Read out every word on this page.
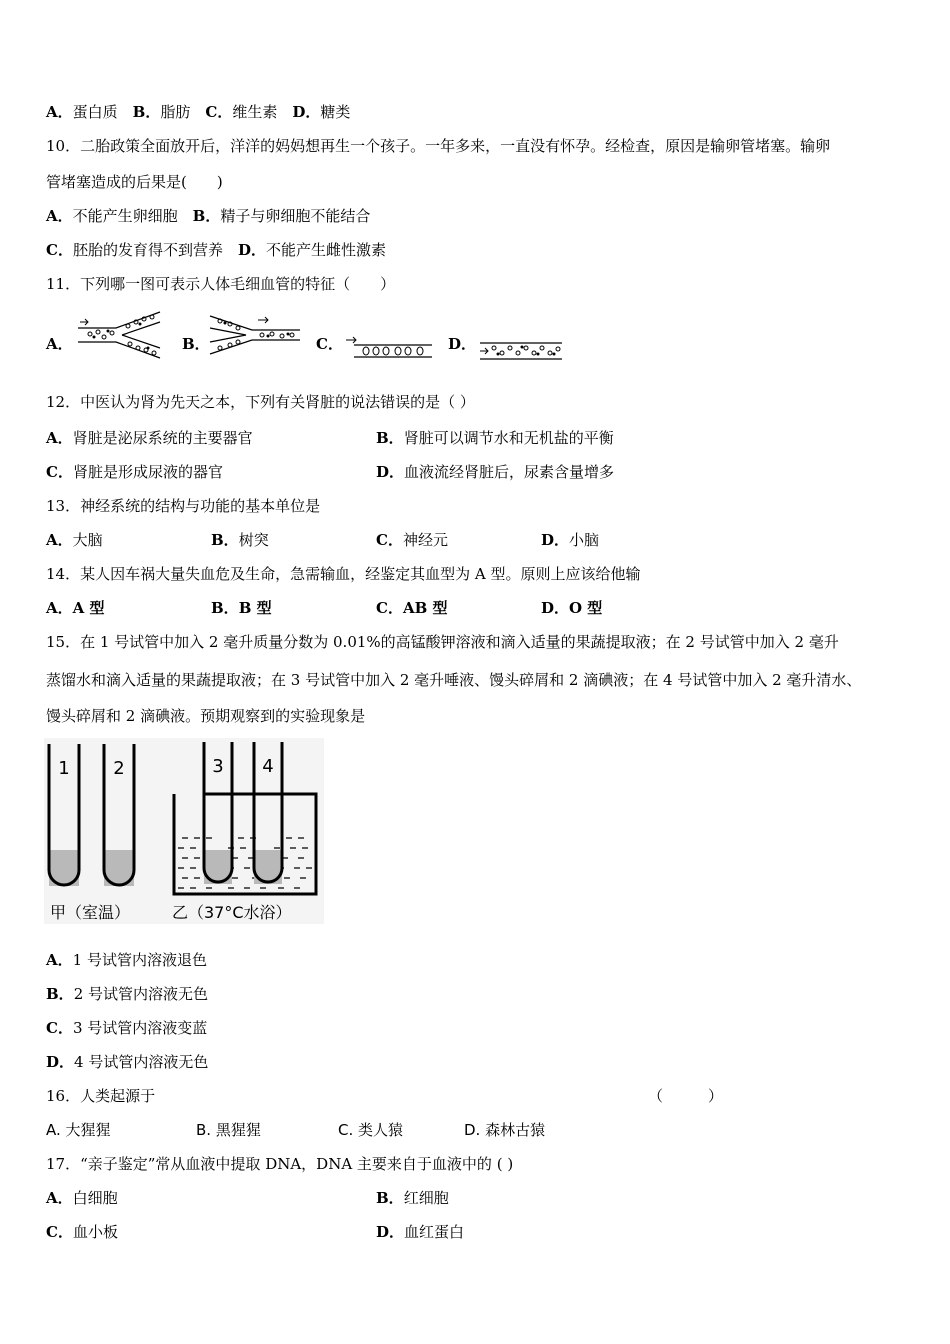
A．蛋白质　 B．脂肪　 C．维生素　 D．糖类
10．二胎政策全面放开后，洋洋的妈妈想再生一个孩子。一年多来，一直没有怀孕。经检查，原因是输卵管堵塞。输卵
管堵塞造成的后果是(　　)
A．不能产生卵细胞　 B．精子与卵细胞不能结合
C．胚胎的发育得不到营养　 D．不能产生雌性激素
11．下列哪一图可表示人体毛细血管的特征（　　）
A．	B．	C．	D．
12．中医认为肾为先天之本，下列有关肾脏的说法错误的是（ ）
A．肾脏是泌尿系统的主要器官	B．肾脏可以调节水和无机盐的平衡
C．肾脏是形成尿液的器官	D．血液流经肾脏后，尿素含量增多
13．神经系统的结构与功能的基本单位是
A．大脑	B．树突	C．神经元	D．小脑
14．某人因车祸大量失血危及生命，急需输血，经鉴定其血型为 A 型。原则上应该给他输
A．A 型	B．B 型	C．AB 型	D．O 型
15．在 1 号试管中加入 2 毫升质量分数为 0.01%的高锰酸钾溶液和滴入适量的果蔬提取液；在 2 号试管中加入 2 毫升
蒸馏水和滴入适量的果蔬提取液；在 3 号试管中加入 2 毫升唾液、馒头碎屑和 2 滴碘液；在 4 号试管中加入 2 毫升清水、
馒头碎屑和 2 滴碘液。预期观察到的实验现象是
1 2	3 4
甲（室温）	乙（37°C水浴）
A．1 号试管内溶液退色
B．2 号试管内溶液无色
C．3 号试管内溶液变蓝
D．4 号试管内溶液无色
16．人类起源于	（　　　）
A. 大猩猩	B. 黑猩猩	C. 类人猿	D. 森林古猿
17．“亲子鉴定”常从血液中提取 DNA，DNA 主要来自于血液中的 ( )
A．白细胞	B．红细胞
C．血小板	D．血红蛋白
